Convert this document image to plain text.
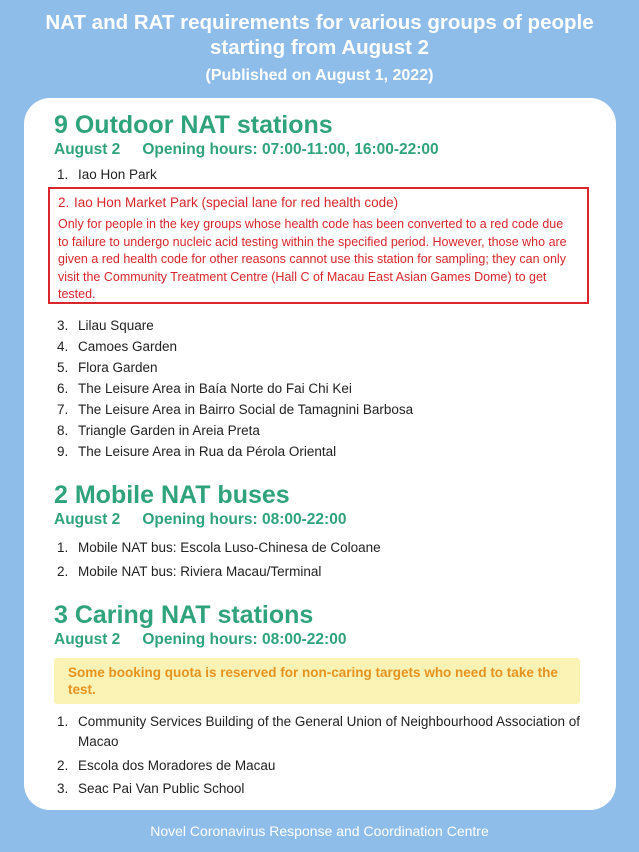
NAT and RAT requirements for various groups of people
starting from August 2
(Published on August 1, 2022)
9 Outdoor NAT stations
August 2 Opening hours: 07:00-11:00, 16:00-22:00
1. Iao Hon Park
2. Iao Hon Market Park (special lane for red health code)
Only for people in the key groups whose health code has been converted to a red code due to failure to undergo nucleic acid testing within the specified period. However, those who are given a red health code for other reasons cannot use this station for sampling; they can only visit the Community Treatment Centre (Hall C of Macau East Asian Games Dome) to get tested.
3. Lilau Square
4. Camoes Garden
5. Flora Garden
6. The Leisure Area in Baía Norte do Fai Chi Kei
7. The Leisure Area in Bairro Social de Tamagnini Barbosa
8. Triangle Garden in Areia Preta
9. The Leisure Area in Rua da Pérola Oriental
2 Mobile NAT buses
August 2 Opening hours: 08:00-22:00
1. Mobile NAT bus: Escola Luso-Chinesa de Coloane
2. Mobile NAT bus: Riviera Macau/Terminal
3 Caring NAT stations
August 2 Opening hours: 08:00-22:00
Some booking quota is reserved for non-caring targets who need to take the test.
1. Community Services Building of the General Union of Neighbourhood Association of Macao
2. Escola dos Moradores de Macau
3. Seac Pai Van Public School
Novel Coronavirus Response and Coordination Centre
